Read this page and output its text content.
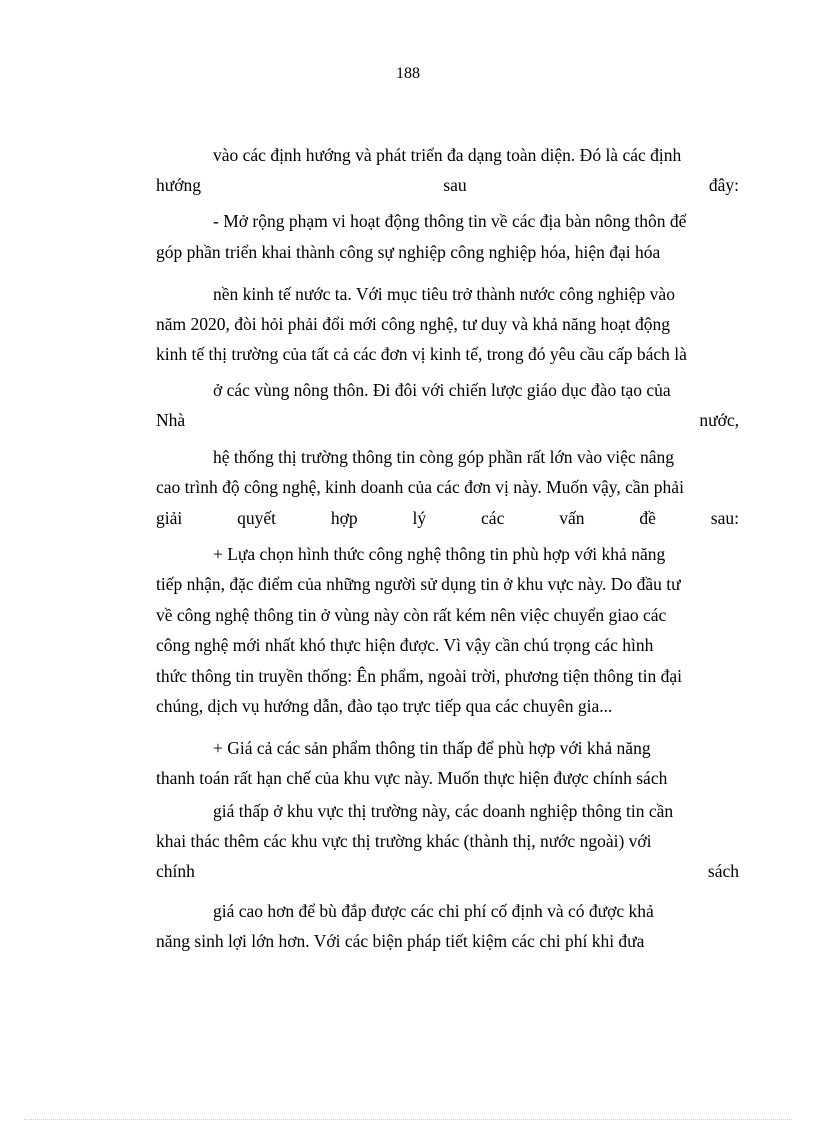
188
vào các định hướng và phát triển đa dạng toàn diện. Đó là các định
hướng	sau	đây:
- Mở rộng phạm vi hoạt động thông tin về các địa bàn nông thôn để
góp phần triển khai thành công sự nghiệp công nghiệp hóa, hiện đại hóa
nền kinh tế nước ta. Với mục tiêu trở thành nước công nghiệp vào
năm 2020, đòi hỏi phải đổi mới công nghệ, tư duy và khả năng hoạt động
kinh tế thị trường của tất cả các đơn vị kinh tế, trong đó yêu cầu cấp bách là
ở các vùng nông thôn. Đi đôi với chiến lược giáo dục đào tạo của
Nhà	nước,
hệ thống thị trường thông tin còng góp phần rất lớn vào việc nâng
cao trình độ công nghệ, kinh doanh của các đơn vị này. Muốn vậy, cần phải
giải	quyết	hợp	lý	các	vấn	đề	sau:
+ Lựa chọn hình thức công nghệ thông tin phù hợp với khả năng
tiếp nhận, đặc điểm của những người sử dụng tin ở khu vực này. Do đầu tư
về công nghệ thông tin ở vùng này còn rất kém nên việc chuyển giao các
công nghệ mới nhất khó thực hiện được. Vì vậy cần chú trọng các hình
thức thông tin truyền thống: Ên phẩm, ngoài trời, phương tiện thông tin đại
chúng, dịch vụ hướng dẫn, đào tạo trực tiếp qua các chuyên gia...
+ Giá cả các sản phẩm thông tin thấp để phù hợp với khả năng
thanh toán rất hạn chế của khu vực này. Muốn thực hiện được chính sách
giá thấp ở khu vực thị trường này, các doanh nghiệp thông tin cần
khai thác thêm các khu vực thị trường khác (thành thị, nước ngoài) với
chính	sách
giá cao hơn để bù đắp được các chi phí cố định và có được khả
năng sinh lợi lớn hơn. Với các biện pháp tiết kiệm các chi phí khi đưa
